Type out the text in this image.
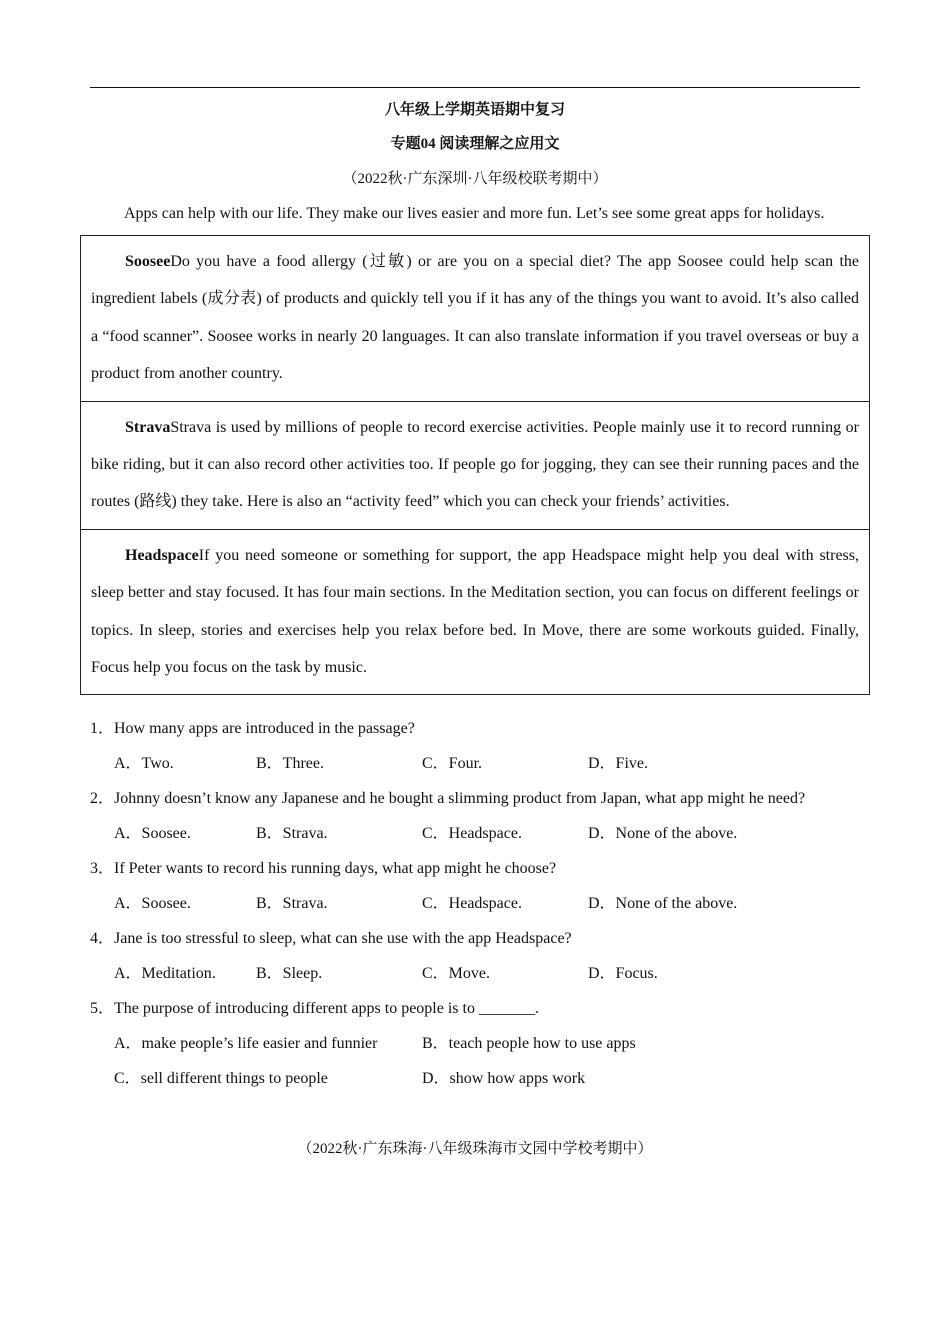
八年级上学期英语期中复习
专题04 阅读理解之应用文
（2022秋·广东深圳·八年级校联考期中）
Apps can help with our life. They make our lives easier and more fun. Let’s see some great apps for holidays.
SooseeDo you have a food allergy (过敏) or are you on a special diet? The app Soosee could help scan the ingredient labels (成分表) of products and quickly tell you if it has any of the things you want to avoid. It’s also called a “food scanner”. Soosee works in nearly 20 languages. It can also translate information if you travel overseas or buy a product from another country.
StravaStrava is used by millions of people to record exercise activities. People mainly use it to record running or bike riding, but it can also record other activities too. If people go for jogging, they can see their running paces and the routes (路线) they take. Here is also an “activity feed” which you can check your friends’ activities.
HeadspaceIf you need someone or something for support, the app Headspace might help you deal with stress, sleep better and stay focused. It has four main sections. In the Meditation section, you can focus on different feelings or topics. In sleep, stories and exercises help you relax before bed. In Move, there are some workouts guided. Finally, Focus help you focus on the task by music.
1．How many apps are introduced in the passage?
A．Two.	B．Three.	C．Four.	D．Five.
2．Johnny doesn’t know any Japanese and he bought a slimming product from Japan, what app might he need?
A．Soosee.	B．Strava.	C．Headspace.	D．None of the above.
3．If Peter wants to record his running days, what app might he choose?
A．Soosee.	B．Strava.	C．Headspace.	D．None of the above.
4．Jane is too stressful to sleep, what can she use with the app Headspace?
A．Meditation.	B．Sleep.	C．Move.	D．Focus.
5．The purpose of introducing different apps to people is to _______.
A．make people’s life easier and funnier	B．teach people how to use apps
C．sell different things to people	D．show how apps work
（2022秋·广东珠海·八年级珠海市文园中学校考期中）
